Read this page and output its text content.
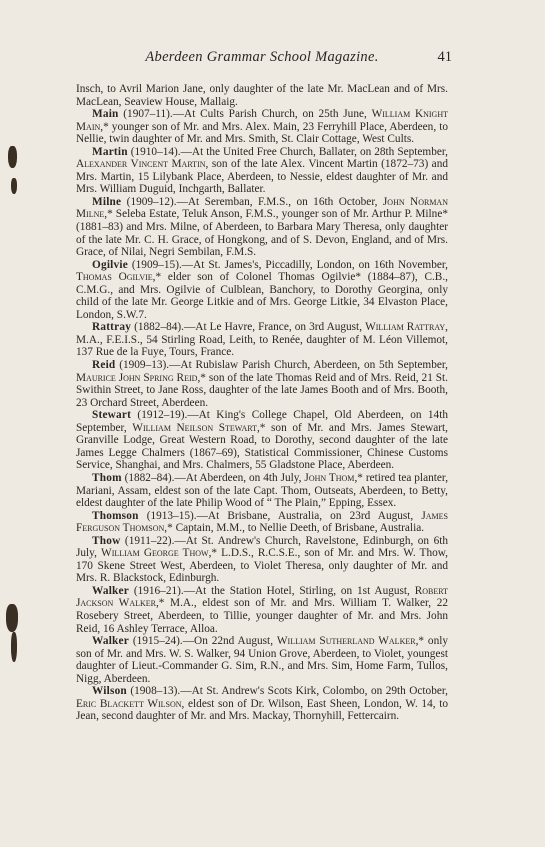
Aberdeen Grammar School Magazine.	41

Insch, to Avril Marion Jane, only daughter of the late Mr. MacLean and of Mrs. MacLean, Seaview House, Mallaig.

Main (1907–11).—At Cults Parish Church, on 25th June, William Knight Main,* younger son of Mr. and Mrs. Alex. Main, 23 Ferryhill Place, Aberdeen, to Nellie, twin daughter of Mr. and Mrs. Smith, St. Clair Cottage, West Cults.

Martin (1910–14).—At the United Free Church, Ballater, on 28th September, Alexander Vincent Martin, son of the late Alex. Vincent Martin (1872–73) and Mrs. Martin, 15 Lilybank Place, Aberdeen, to Nessie, eldest daughter of Mr. and Mrs. William Duguid, Inchgarth, Ballater.

Milne (1909–12).—At Seremban, F.M.S., on 16th October, John Norman Milne,* Seleba Estate, Teluk Anson, F.M.S., younger son of Mr. Arthur P. Milne* (1881–83) and Mrs. Milne, of Aberdeen, to Barbara Mary Theresa, only daughter of the late Mr. C. H. Grace, of Hongkong, and of S. Devon, England, and of Mrs. Grace, of Nilai, Negri Sembilan, F.M.S.

Ogilvie (1909–15).—At St. James's, Piccadilly, London, on 16th November, Thomas Ogilvie,* elder son of Colonel Thomas Ogilvie* (1884–87), C.B., C.M.G., and Mrs. Ogilvie of Culblean, Banchory, to Dorothy Georgina, only child of the late Mr. George Litkie and of Mrs. George Litkie, 34 Elvaston Place, London, S.W.7.

Rattray (1882–84).—At Le Havre, France, on 3rd August, William Rattray, M.A., F.E.I.S., 54 Stirling Road, Leith, to Renée, daughter of M. Léon Villemot, 137 Rue de la Fuye, Tours, France.

Reid (1909–13).—At Rubislaw Parish Church, Aberdeen, on 5th September, Maurice John Spring Reid,* son of the late Thomas Reid and of Mrs. Reid, 21 St. Swithin Street, to Jane Ross, daughter of the late James Booth and of Mrs. Booth, 23 Orchard Street, Aberdeen.

Stewart (1912–19).—At King's College Chapel, Old Aberdeen, on 14th September, William Neilson Stewart,* son of Mr. and Mrs. James Stewart, Granville Lodge, Great Western Road, to Dorothy, second daughter of the late James Legge Chalmers (1867–69), Statistical Commissioner, Chinese Customs Service, Shanghai, and Mrs. Chalmers, 55 Gladstone Place, Aberdeen.

Thom (1882–84).—At Aberdeen, on 4th July, John Thom,* retired tea planter, Mariani, Assam, eldest son of the late Capt. Thom, Outseats, Aberdeen, to Betty, eldest daughter of the late Philip Wood of “ The Plain,” Epping, Essex.

Thomson (1913–15).—At Brisbane, Australia, on 23rd August, James Ferguson Thomson,* Captain, M.M., to Nellie Deeth, of Brisbane, Australia.

Thow (1911–22).—At St. Andrew's Church, Ravelstone, Edinburgh, on 6th July, William George Thow,* L.D.S., R.C.S.E., son of Mr. and Mrs. W. Thow, 170 Skene Street West, Aberdeen, to Violet Theresa, only daughter of Mr. and Mrs. R. Blackstock, Edinburgh.

Walker (1916–21).—At the Station Hotel, Stirling, on 1st August, Robert Jackson Walker,* M.A., eldest son of Mr. and Mrs. William T. Walker, 22 Rosebery Street, Aberdeen, to Tillie, younger daughter of Mr. and Mrs. John Reid, 16 Ashley Terrace, Alloa.

Walker (1915–24).—On 22nd August, William Sutherland Walker,* only son of Mr. and Mrs. W. S. Walker, 94 Union Grove, Aberdeen, to Violet, youngest daughter of Lieut.-Commander G. Sim, R.N., and Mrs. Sim, Home Farm, Tullos, Nigg, Aberdeen.

Wilson (1908–13).—At St. Andrew's Scots Kirk, Colombo, on 29th October, Eric Blackett Wilson, eldest son of Dr. Wilson, East Sheen, London, W. 14, to Jean, second daughter of Mr. and Mrs. Mackay, Thornyhill, Fettercairn.
